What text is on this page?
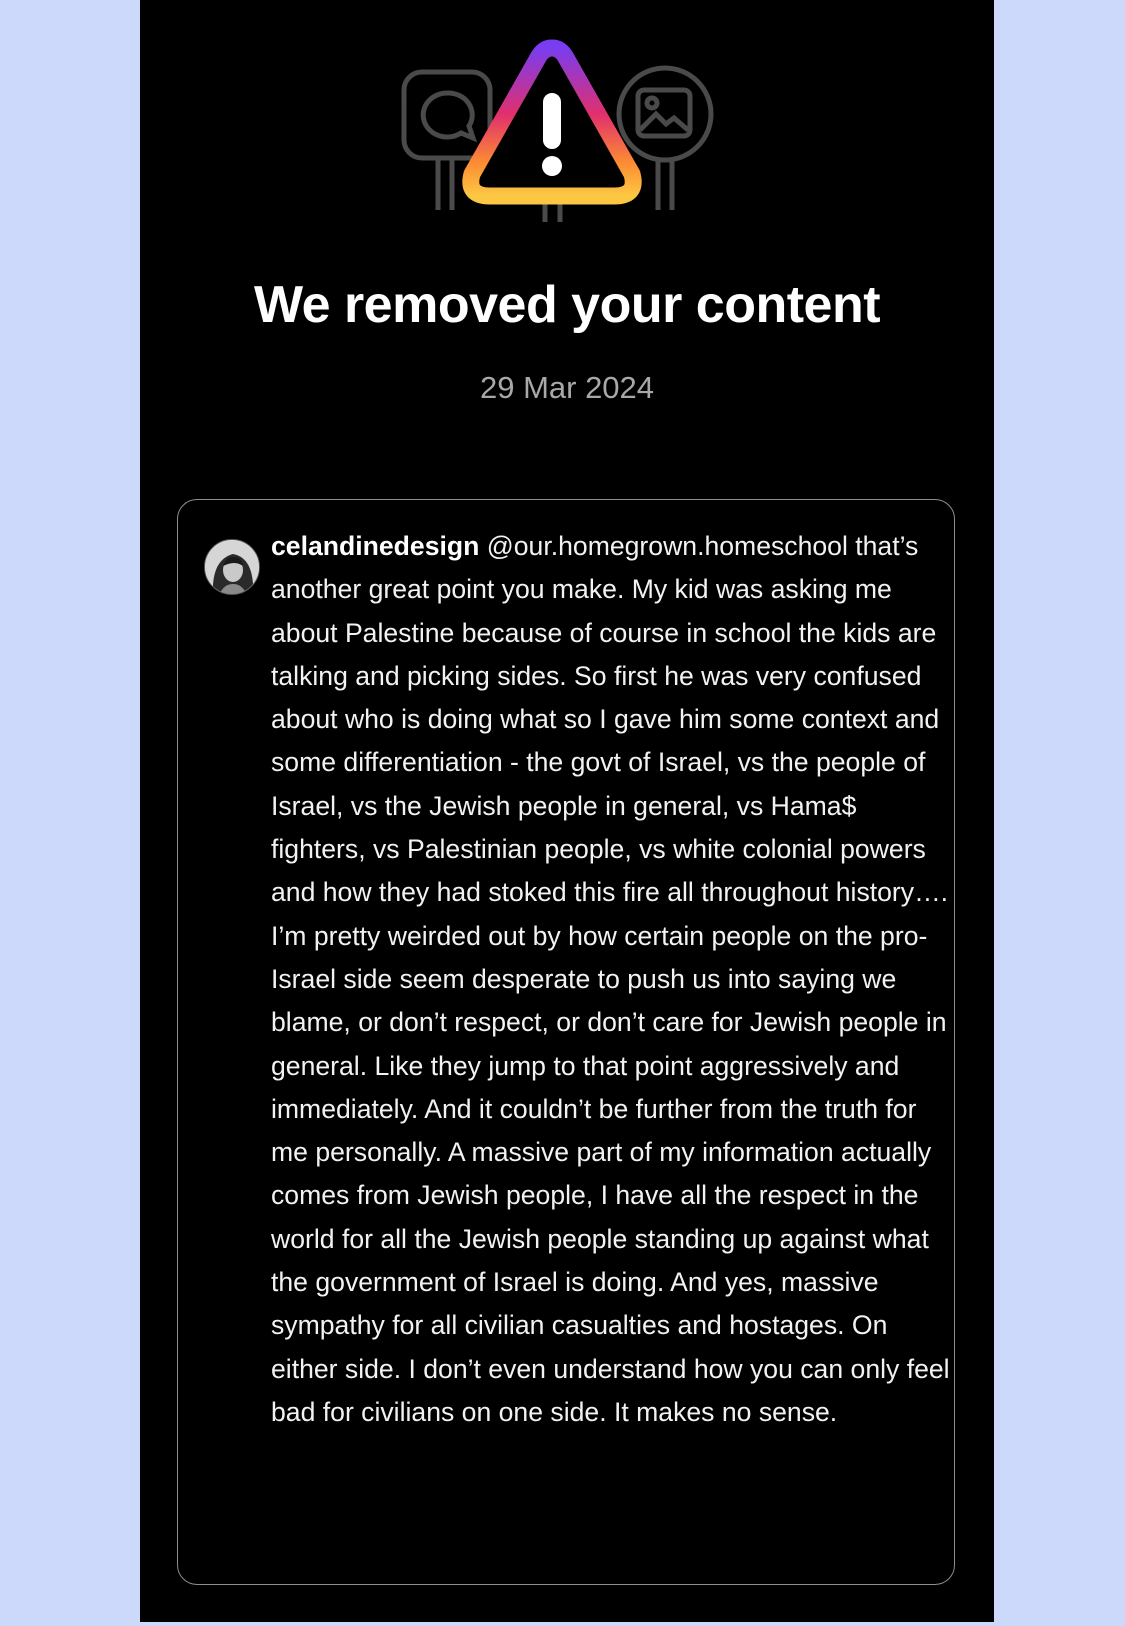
We removed your content
29 Mar 2024

celandinedesign @our.homegrown.homeschool that’s another great point you make. My kid was asking me about Palestine because of course in school the kids are talking and picking sides. So first he was very confused about who is doing what so I gave him some context and some differentiation - the govt of Israel, vs the people of Israel, vs the Jewish people in general, vs Hama$ fighters, vs Palestinian people, vs white colonial powers and how they had stoked this fire all throughout history…. I’m pretty weirded out by how certain people on the pro-Israel side seem desperate to push us into saying we blame, or don’t respect, or don’t care for Jewish people in general. Like they jump to that point aggressively and immediately. And it couldn’t be further from the truth for me personally. A massive part of my information actually comes from Jewish people, I have all the respect in the world for all the Jewish people standing up against what the government of Israel is doing. And yes, massive sympathy for all civilian casualties and hostages. On either side. I don’t even understand how you can only feel bad for civilians on one side. It makes no sense.
